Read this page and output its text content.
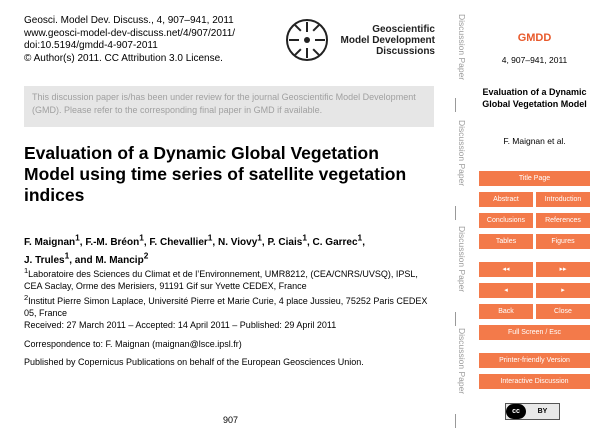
Geosci. Model Dev. Discuss., 4, 907–941, 2011
www.geosci-model-dev-discuss.net/4/907/2011/
doi:10.5194/gmdd-4-907-2011
© Author(s) 2011. CC Attribution 3.0 License.
Geoscientific
Model Development
Discussions
This discussion paper is/has been under review for the journal Geoscientific Model Development (GMD). Please refer to the corresponding final paper in GMD if available.
Evaluation of a Dynamic Global Vegetation Model using time series of satellite vegetation indices
F. Maignan$^1$, F.-M. Bréon$^1$, F. Chevallier$^1$, N. Viovy$^1$, P. Ciais$^1$, C. Garrec$^1$,
J. Trules$^1$, and M. Mancip$^2$
$^1$Laboratoire des Sciences du Climat et de l’Environnement, UMR8212, (CEA/CNRS/UVSQ), IPSL, CEA Saclay, Orme des Merisiers, 91191 Gif sur Yvette CEDEX, France
$^2$Institut Pierre Simon Laplace, Université Pierre et Marie Curie, 4 place Jussieu, 75252 Paris CEDEX 05, France
Received: 27 March 2011 – Accepted: 14 April 2011 – Published: 29 April 2011
Correspondence to: F. Maignan (maignan@lsce.ipsl.fr)
Published by Copernicus Publications on behalf of the European Geosciences Union.
907
Discussion Paper
Discussion Paper
Discussion Paper
Discussion Paper
GMDD
4, 907–941, 2011
Evaluation of a Dynamic Global Vegetation Model
F. Maignan et al.
Title Page
Abstract	Introduction
Conclusions	References
Tables	Figures
◂◂	▸▸
◂	▸
Back	Close
Full Screen / Esc
Printer-friendly Version
Interactive Discussion
cc	BY
